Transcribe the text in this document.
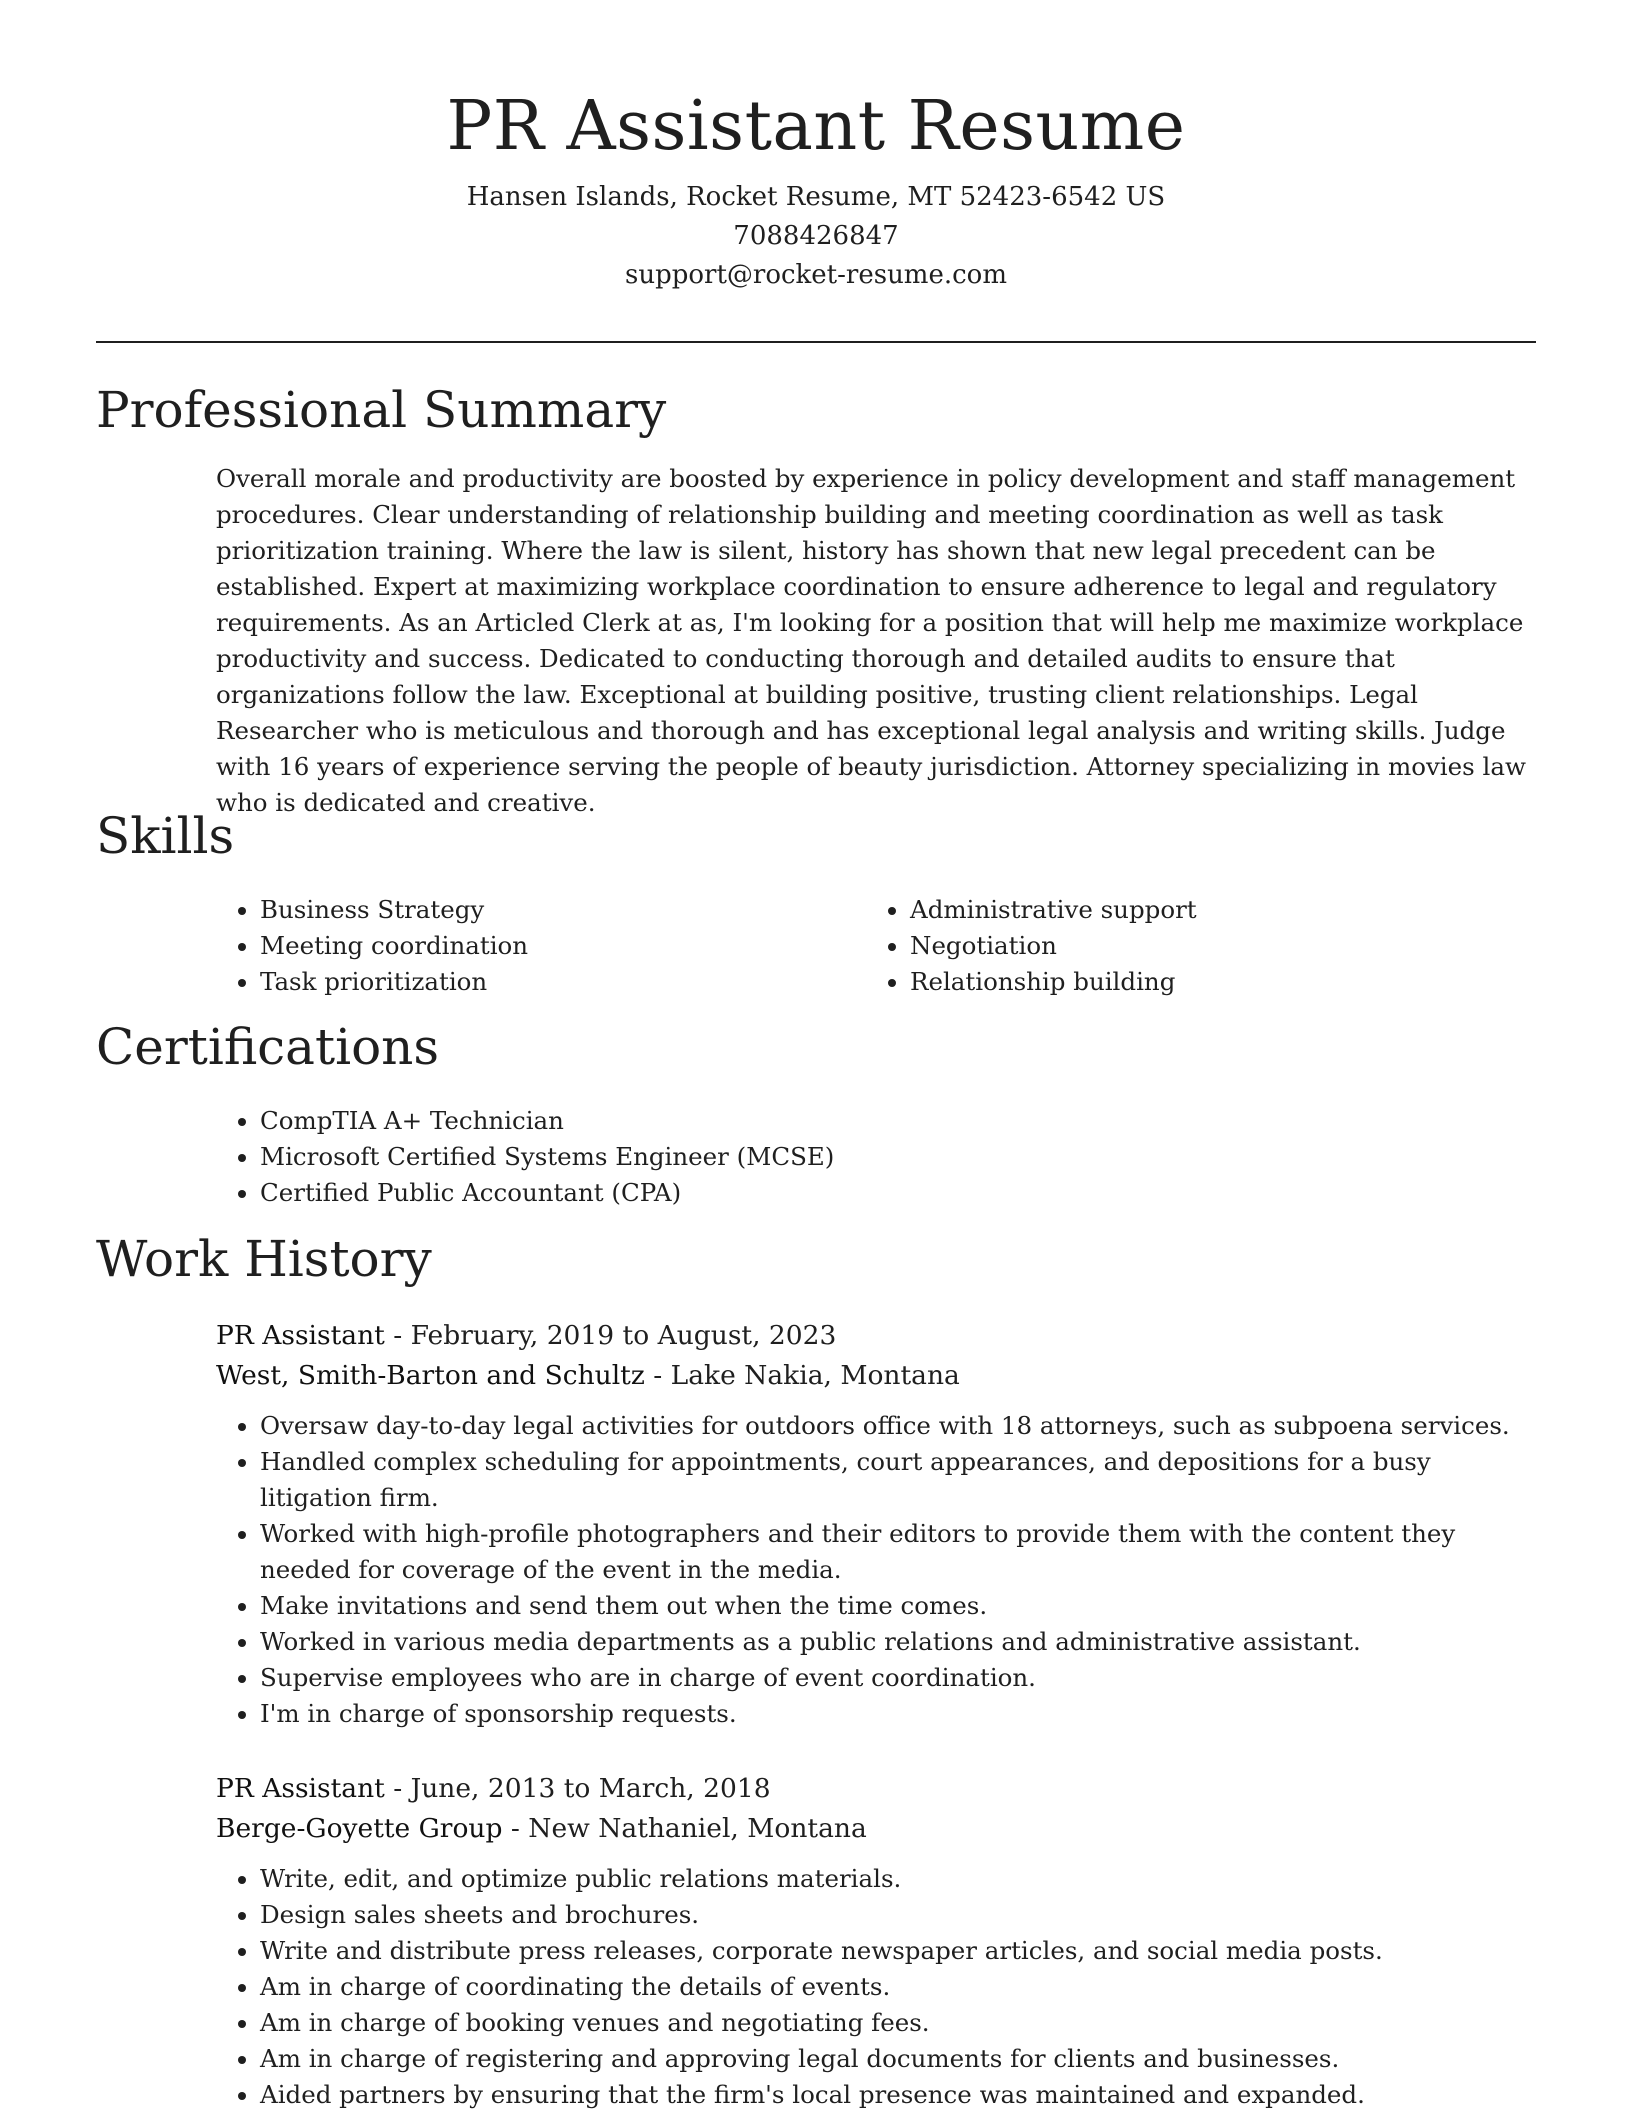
PR Assistant Resume
Hansen Islands, Rocket Resume, MT 52423-6542 US
7088426847
support@rocket-resume.com
Professional Summary

Overall morale and productivity are boosted by experience in policy development and staff management procedures. Clear understanding of relationship building and meeting coordination as well as task prioritization training. Where the law is silent, history has shown that new legal precedent can be established. Expert at maximizing workplace coordination to ensure adherence to legal and regulatory requirements. As an Articled Clerk at as, I'm looking for a position that will help me maximize workplace productivity and success. Dedicated to conducting thorough and detailed audits to ensure that organizations follow the law. Exceptional at building positive, trusting client relationships. Legal Researcher who is meticulous and thorough and has exceptional legal analysis and writing skills. Judge with 16 years of experience serving the people of beauty jurisdiction. Attorney specializing in movies law who is dedicated and creative.

Skills
• Business Strategy
• Meeting coordination
• Task prioritization
• Administrative support
• Negotiation
• Relationship building
Certifications
• CompTIA A+ Technician
• Microsoft Certified Systems Engineer (MCSE)
• Certified Public Accountant (CPA)
Work History
PR Assistant - February, 2019 to August, 2023
West, Smith-Barton and Schultz - Lake Nakia, Montana
• Oversaw day-to-day legal activities for outdoors office with 18 attorneys, such as subpoena services.
• Handled complex scheduling for appointments, court appearances, and depositions for a busy litigation firm.
• Worked with high-profile photographers and their editors to provide them with the content they needed for coverage of the event in the media.
• Make invitations and send them out when the time comes.
• Worked in various media departments as a public relations and administrative assistant.
• Supervise employees who are in charge of event coordination.
• I'm in charge of sponsorship requests.
PR Assistant - June, 2013 to March, 2018
Berge-Goyette Group - New Nathaniel, Montana
• Write, edit, and optimize public relations materials.
• Design sales sheets and brochures.
• Write and distribute press releases, corporate newspaper articles, and social media posts.
• Am in charge of coordinating the details of events.
• Am in charge of booking venues and negotiating fees.
• Am in charge of registering and approving legal documents for clients and businesses.
• Aided partners by ensuring that the firm's local presence was maintained and expanded.
